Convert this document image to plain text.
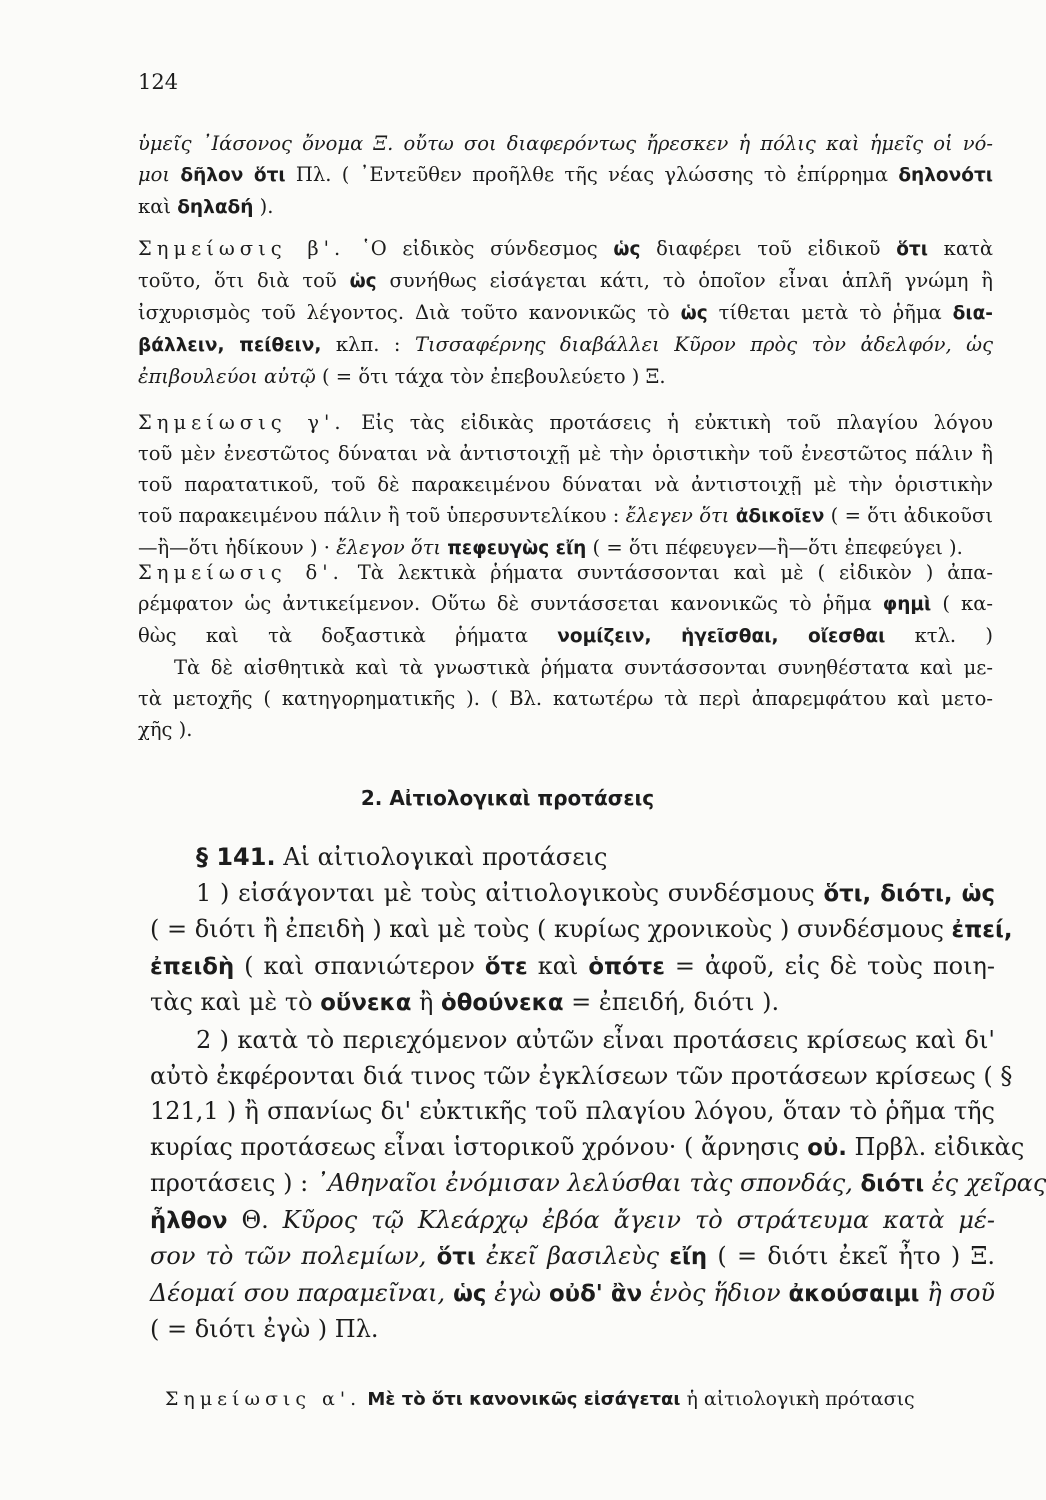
124
ὑμεῖς ᾽Ιάσονος ὄνομα Ξ. οὔτω σοι διαφερόντως ἤρεσκεν ἡ πόλις καὶ ἡμεῖς οἱ νό-
μοι δῆλον ὅτι Πλ. ( ᾽Εντεῦθεν προῆλθε τῆς νέας γλώσσης τὸ ἐπίρρημα δηλονότι
καὶ δηλαδή ).
Σημείωσις β'. ῾Ο εἰδικὸς σύνδεσμος ὡς διαφέρει τοῦ εἰδικοῦ ὅτι κατὰ
τοῦτο, ὅτι διὰ τοῦ ὡς συνήθως εἰσάγεται κάτι, τὸ ὁποῖον εἶναι ἁπλῆ γνώμη ἢ
ἰσχυρισμὸς τοῦ λέγοντος. Διὰ τοῦτο κανονικῶς τὸ ὡς τίθεται μετὰ τὸ ῥῆμα δια-
βάλλειν, πείθειν, κλπ. : Τισσαφέρνης διαβάλλει Κῦρον πρὸς τὸν ἀδελφόν, ὡς
ἐπιβουλεύοι αὐτῷ ( = ὅτι τάχα τὸν ἐπεβουλεύετο ) Ξ.
Σημείωσις γ'. Εἰς τὰς εἰδικὰς προτάσεις ἡ εὐκτικὴ τοῦ πλαγίου λόγου
τοῦ μὲν ἐνεστῶτος δύναται νὰ ἀντιστοιχῇ μὲ τὴν ὁριστικὴν τοῦ ἐνεστῶτος πάλιν ἢ
τοῦ παρατατικοῦ, τοῦ δὲ παρακειμένου δύναται νὰ ἀντιστοιχῇ μὲ τὴν ὁριστικὴν
τοῦ παρακειμένου πάλιν ἢ τοῦ ὑπερσυντελίκου : ἔλεγεν ὅτι ἀδικοῖεν ( = ὅτι ἀδικοῦσι
—ἢ—ὅτι ἠδίκουν ) · ἔλεγον ὅτι πεφευγὼς εἴη ( = ὅτι πέφευγεν—ἢ—ὅτι ἐπεφεύγει ).
Σημείωσις δ'. Τὰ λεκτικὰ ῥήματα συντάσσονται καὶ μὲ ( εἰδικὸν ) ἀπα-
ρέμφατον ὡς ἀντικείμενον. Οὕτω δὲ συντάσσεται κανονικῶς τὸ ῥῆμα φημὶ ( κα-
θὼς καὶ τὰ δοξαστικὰ ῥήματα νομίζειν, ἡγεῖσθαι, οἴεσθαι κτλ. )
Τὰ δὲ αἰσθητικὰ καὶ τὰ γνωστικὰ ῥήματα συντάσσονται συνηθέστατα καὶ με-
τὰ μετοχῆς ( κατηγορηματικῆς ). ( Βλ. κατωτέρω τὰ περὶ ἀπαρεμφάτου καὶ μετο-
χῆς ).
2. Αἰτιολογικαὶ προτάσεις
§ 141. Αἱ αἰτιολογικαὶ προτάσεις
1 ) εἰσάγονται μὲ τοὺς αἰτιολογικοὺς συνδέσμους ὅτι, διότι, ὡς
( = διότι ἢ ἐπειδὴ ) καὶ μὲ τοὺς ( κυρίως χρονικοὺς ) συνδέσμους ἐπεί,
ἐπειδὴ ( καὶ σπανιώτερον ὅτε καὶ ὁπότε = ἀφοῦ, εἰς δὲ τοὺς ποιη-
τὰς καὶ μὲ τὸ οὕνεκα ἢ ὁθούνεκα = ἐπειδή, διότι ).
2 ) κατὰ τὸ περιεχόμενον αὐτῶν εἶναι προτάσεις κρίσεως καὶ δι'
αὐτὸ ἐκφέρονται διά τινος τῶν ἐγκλίσεων τῶν προτάσεων κρίσεως ( §
121,1 ) ἢ σπανίως δι' εὐκτικῆς τοῦ πλαγίου λόγου, ὅταν τὸ ῥῆμα τῆς
κυρίας προτάσεως εἶναι ἱστορικοῦ χρόνου· ( ἄρνησις οὐ. Πρβλ. εἰδικὰς
προτάσεις ) : ᾽Αθηναῖοι ἐνόμισαν λελύσθαι τὰς σπονδάς, διότι ἐς χεῖρας
ἦλθον Θ. Κῦρος τῷ Κλεάρχῳ ἐβόα ἄγειν τὸ στράτευμα κατὰ μέ-
σον τὸ τῶν πολεμίων, ὅτι ἐκεῖ βασιλεὺς εἴη ( = διότι ἐκεῖ ἦτο ) Ξ.
Δέομαί σου παραμεῖναι, ὡς ἐγὼ οὐδ' ἂν ἑνὸς ἥδιον ἀκούσαιμι ἢ σοῦ
( = διότι ἐγὼ ) Πλ.
Σημείωσις α'. Μὲ τὸ ὅτι κανονικῶς εἰσάγεται ἡ αἰτιολογικὴ πρότασις
